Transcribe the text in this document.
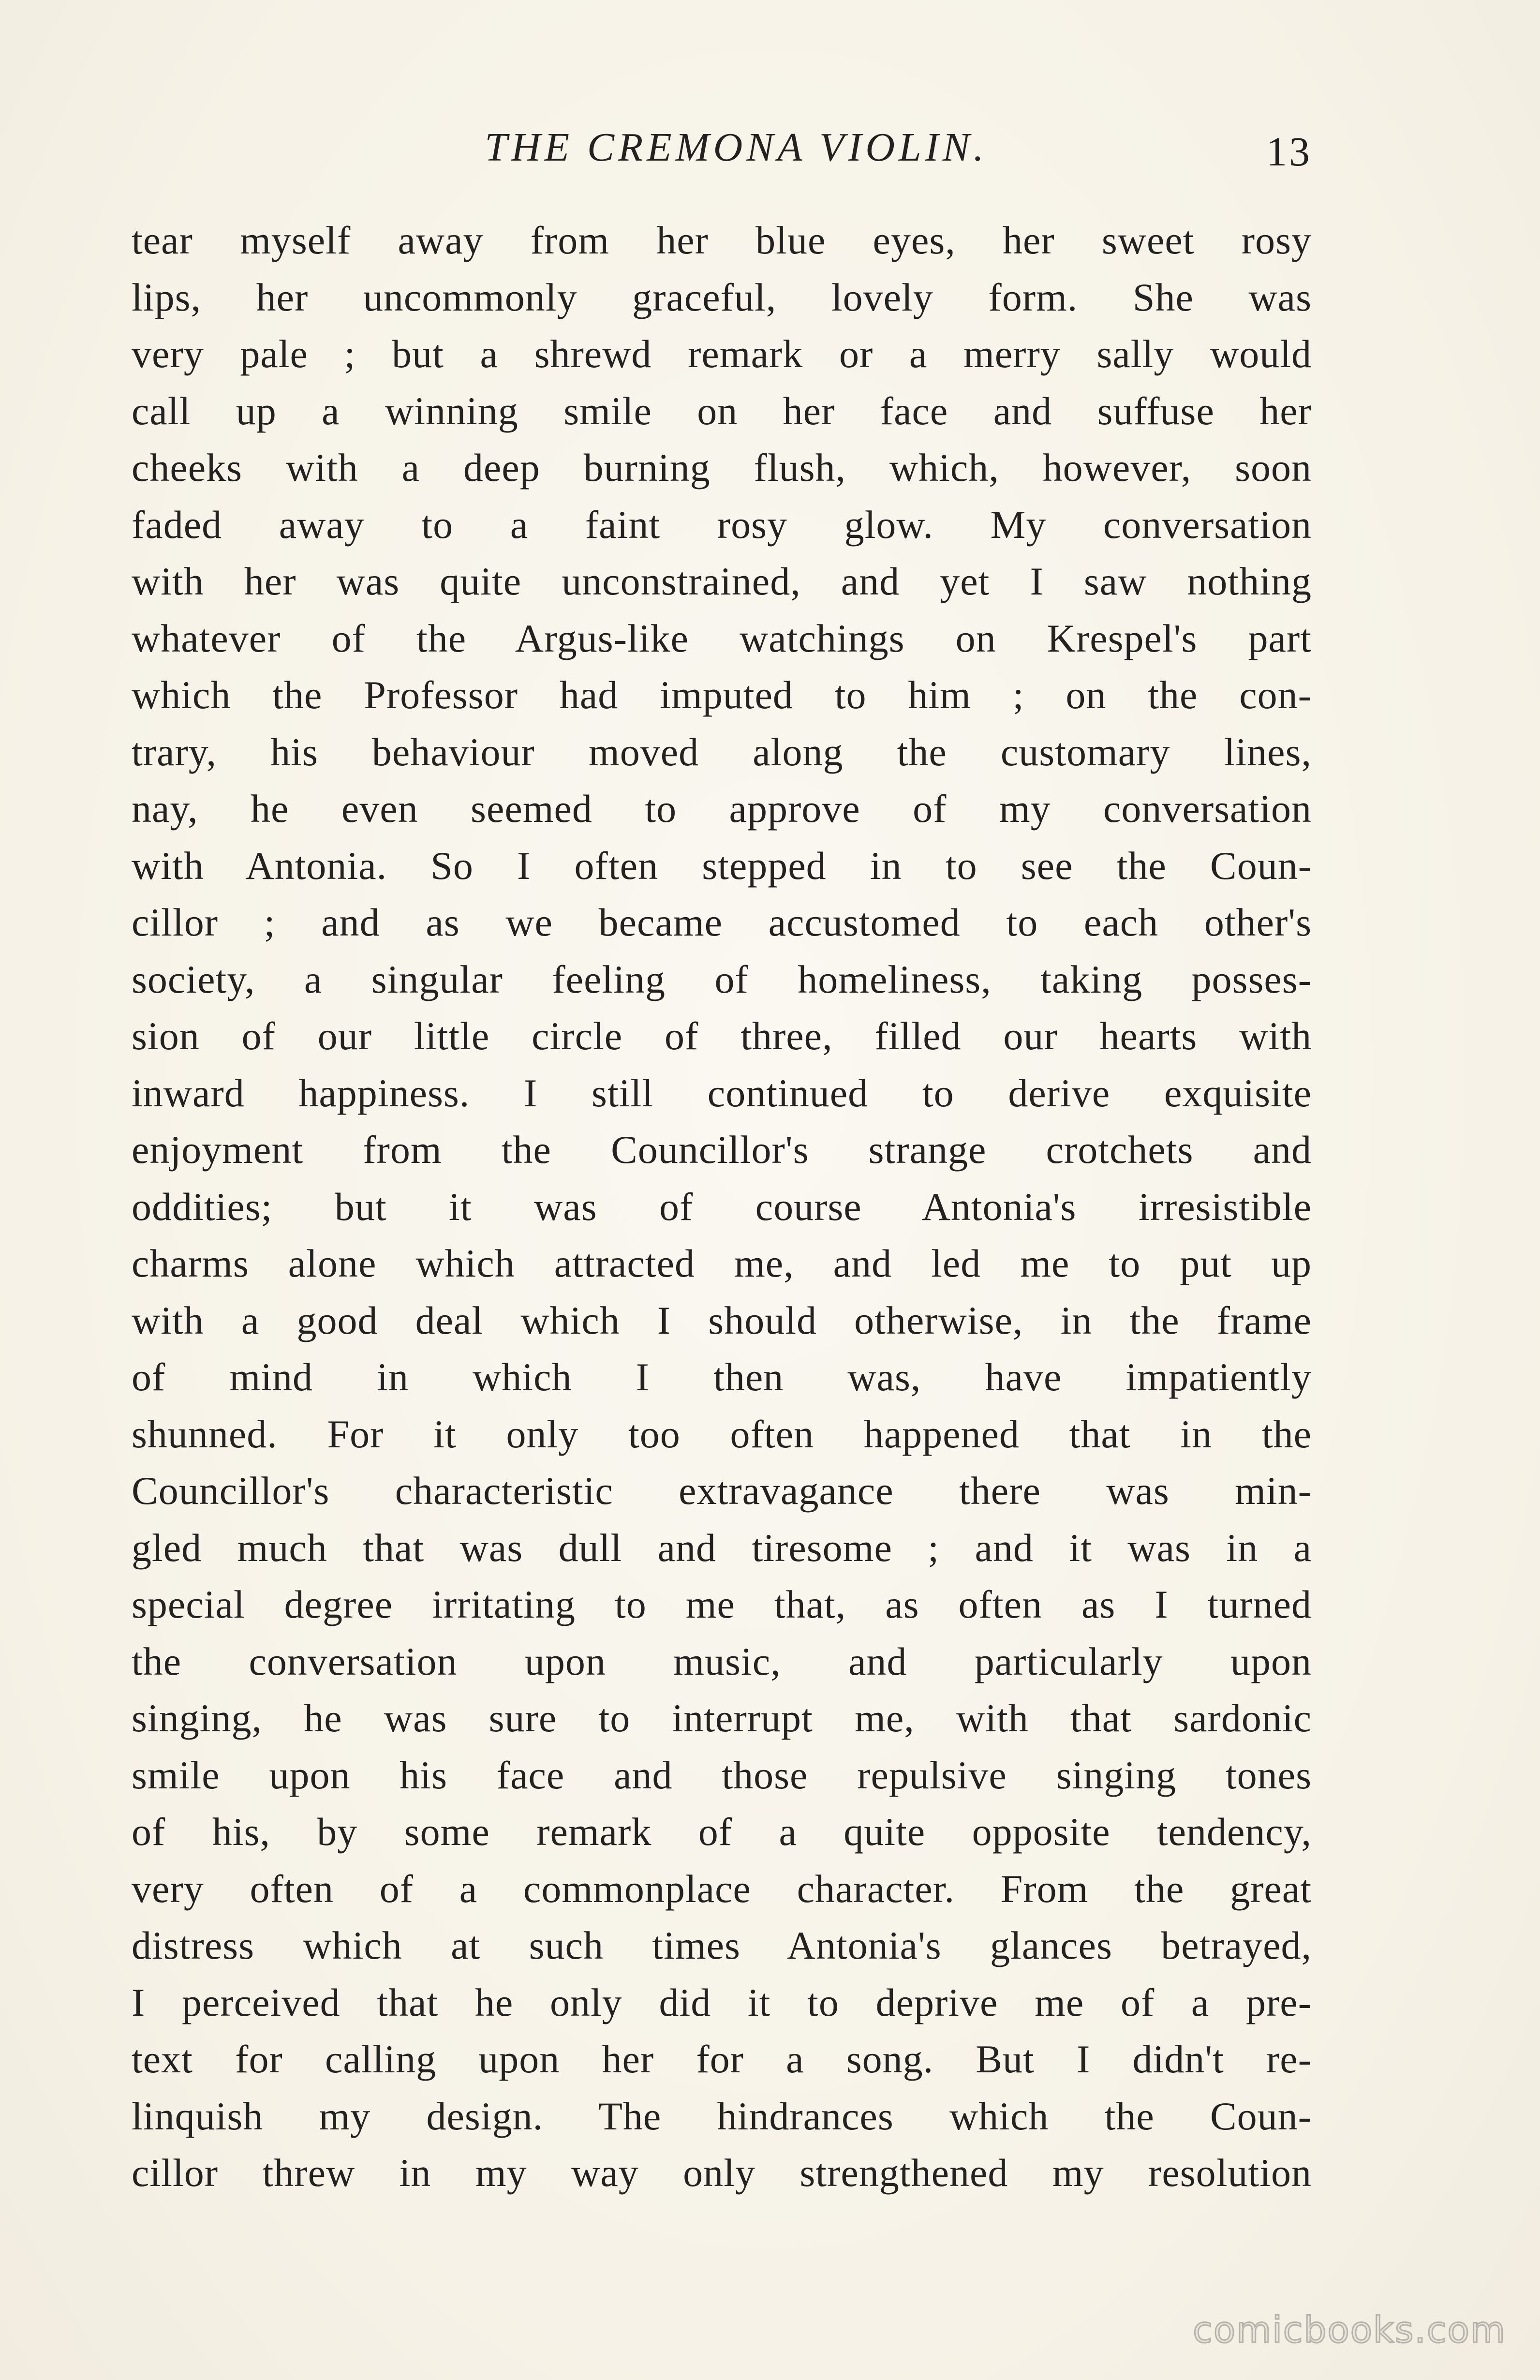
THE CREMONA VIOLIN.	13
tear myself away from her blue eyes, her sweet rosy
lips, her uncommonly graceful, lovely form. She was
very pale ; but a shrewd remark or a merry sally would
call up a winning smile on her face and suffuse her
cheeks with a deep burning flush, which, however, soon
faded away to a faint rosy glow. My conversation
with her was quite unconstrained, and yet I saw nothing
whatever of the Argus-like watchings on Krespel's part
which the Professor had imputed to him ; on the con-
trary, his behaviour moved along the customary lines,
nay, he even seemed to approve of my conversation
with Antonia. So I often stepped in to see the Coun-
cillor ; and as we became accustomed to each other's
society, a singular feeling of homeliness, taking posses-
sion of our little circle of three, filled our hearts with
inward happiness. I still continued to derive exquisite
enjoyment from the Councillor's strange crotchets and
oddities; but it was of course Antonia's irresistible
charms alone which attracted me, and led me to put up
with a good deal which I should otherwise, in the frame
of mind in which I then was, have impatiently
shunned. For it only too often happened that in the
Councillor's characteristic extravagance there was min-
gled much that was dull and tiresome ; and it was in a
special degree irritating to me that, as often as I turned
the conversation upon music, and particularly upon
singing, he was sure to interrupt me, with that sardonic
smile upon his face and those repulsive singing tones
of his, by some remark of a quite opposite tendency,
very often of a commonplace character. From the great
distress which at such times Antonia's glances betrayed,
I perceived that he only did it to deprive me of a pre-
text for calling upon her for a song. But I didn't re-
linquish my design. The hindrances which the Coun-
cillor threw in my way only strengthened my resolution
comicbooks.com
